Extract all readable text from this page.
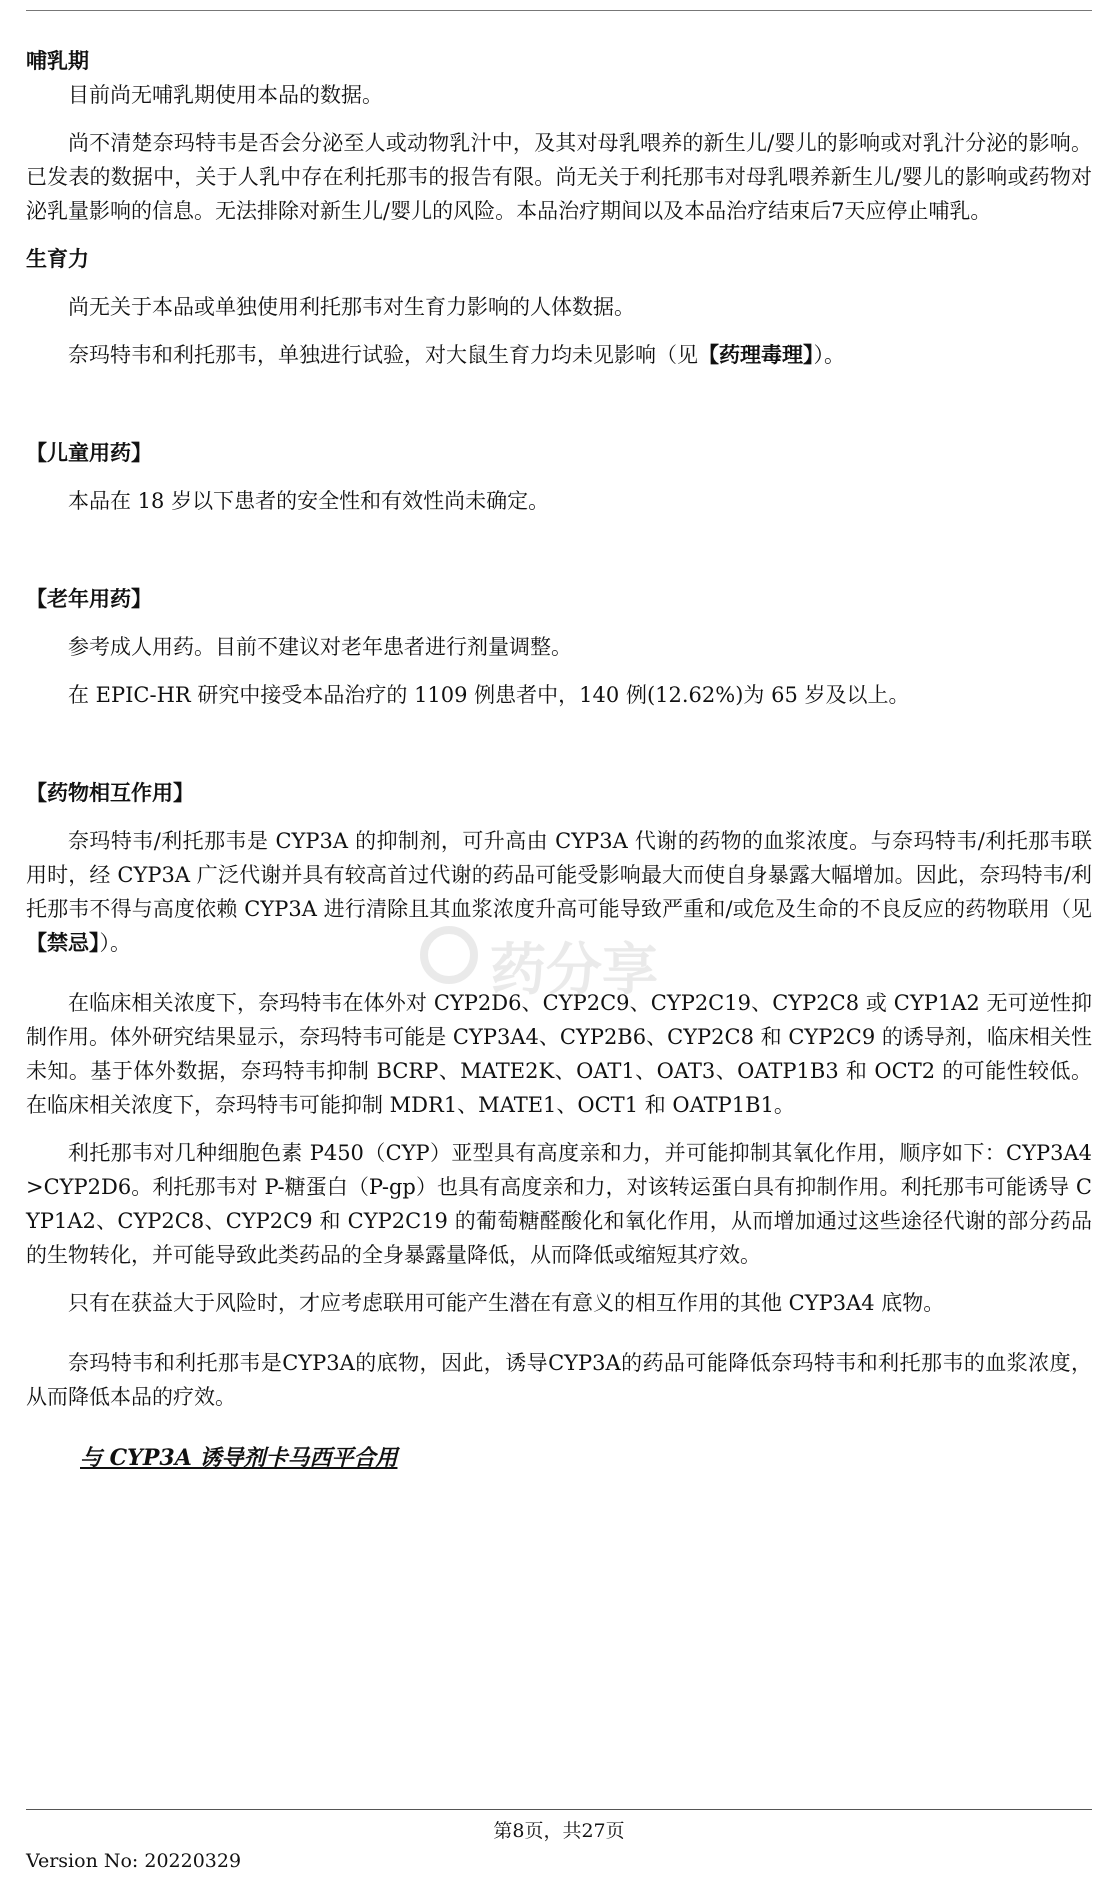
药分享
哺乳期

目前尚无哺乳期使用本品的数据。

尚不清楚奈玛特韦是否会分泌至人或动物乳汁中，及其对母乳喂养的新生儿/婴儿的影响或对乳汁分泌的影响。已发表的数据中，关于人乳中存在利托那韦的报告有限。尚无关于利托那韦对母乳喂养新生儿/婴儿的影响或药物对泌乳量影响的信息。无法排除对新生儿/婴儿的风险。本品治疗期间以及本品治疗结束后7天应停止哺乳。

生育力

尚无关于本品或单独使用利托那韦对生育力影响的人体数据。

奈玛特韦和利托那韦，单独进行试验，对大鼠生育力均未见影响（见【药理毒理】）。

【儿童用药】

本品在 18 岁以下患者的安全性和有效性尚未确定。

【老年用药】

参考成人用药。目前不建议对老年患者进行剂量调整。

在 EPIC-HR 研究中接受本品治疗的 1109 例患者中，140 例(12.62%)为 65 岁及以上。

【药物相互作用】

奈玛特韦/利托那韦是 CYP3A 的抑制剂，可升高由 CYP3A 代谢的药物的血浆浓度。与奈玛特韦/利托那韦联用时，经 CYP3A 广泛代谢并具有较高首过代谢的药品可能受影响最大而使自身暴露大幅增加。因此，奈玛特韦/利托那韦不得与高度依赖 CYP3A 进行清除且其血浆浓度升高可能导致严重和/或危及生命的不良反应的药物联用（见【禁忌】）。

在临床相关浓度下，奈玛特韦在体外对 CYP2D6、CYP2C9、CYP2C19、CYP2C8 或 CYP1A2 无可逆性抑制作用。体外研究结果显示，奈玛特韦可能是 CYP3A4、CYP2B6、CYP2C8 和 CYP2C9 的诱导剂，临床相关性未知。基于体外数据，奈玛特韦抑制 BCRP、MATE2K、OAT1、OAT3、OATP1B3 和 OCT2 的可能性较低。在临床相关浓度下，奈玛特韦可能抑制 MDR1、MATE1、OCT1 和 OATP1B1。

利托那韦对几种细胞色素 P450（CYP）亚型具有高度亲和力，并可能抑制其氧化作用，顺序如下：CYP3A4>CYP2D6。利托那韦对 P-糖蛋白（P-gp）也具有高度亲和力，对该转运蛋白具有抑制作用。利托那韦可能诱导 CYP1A2、CYP2C8、CYP2C9 和 CYP2C19 的葡萄糖醛酸化和氧化作用，从而增加通过这些途径代谢的部分药品的生物转化，并可能导致此类药品的全身暴露量降低，从而降低或缩短其疗效。

只有在获益大于风险时，才应考虑联用可能产生潜在有意义的相互作用的其他 CYP3A4 底物。

奈玛特韦和利托那韦是CYP3A的底物，因此，诱导CYP3A的药品可能降低奈玛特韦和利托那韦的血浆浓度，从而降低本品的疗效。

与 CYP3A 诱导剂卡马西平合用

第8页，共27页
Version No: 20220329
